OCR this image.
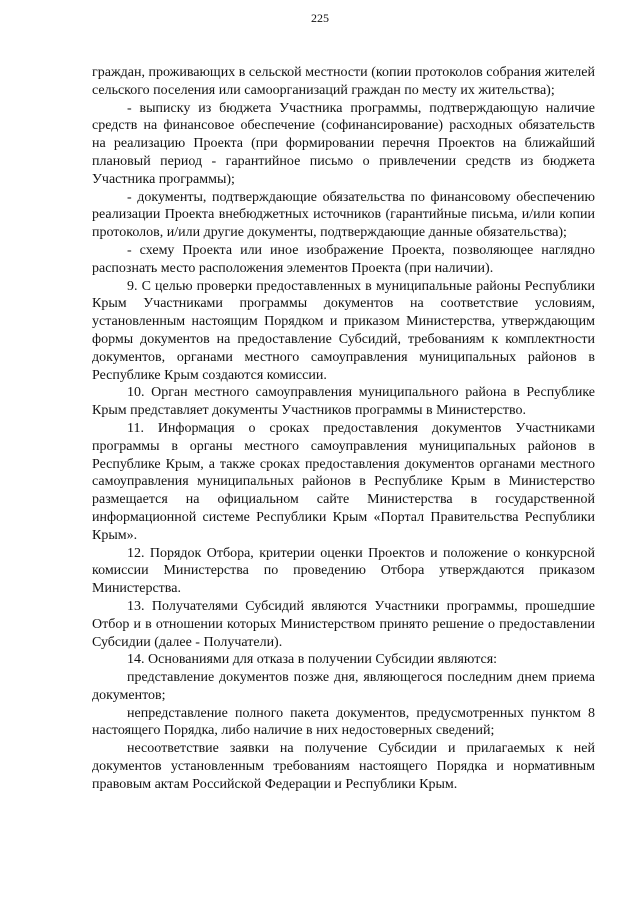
225

граждан, проживающих в сельской местности (копии протоколов собрания жителей сельского поселения или самоорганизаций граждан по месту их жительства);

- выписку из бюджета Участника программы, подтверждающую наличие средств на финансовое обеспечение (софинансирование) расходных обязательств на реализацию Проекта (при формировании перечня Проектов на ближайший плановый период - гарантийное письмо о привлечении средств из бюджета Участника программы);

- документы, подтверждающие обязательства по финансовому обеспечению реализации Проекта внебюджетных источников (гарантийные письма, и/или копии протоколов, и/или другие документы, подтверждающие данные обязательства);

- схему Проекта или иное изображение Проекта, позволяющее наглядно распознать место расположения элементов Проекта (при наличии).

9. С целью проверки предоставленных в муниципальные районы Республики Крым Участниками программы документов на соответствие условиям, установленным настоящим Порядком и приказом Министерства, утверждающим формы документов на предоставление Субсидий, требованиям к комплектности документов, органами местного самоуправления муниципальных районов в Республике Крым создаются комиссии.

10. Орган местного самоуправления муниципального района в Республике Крым представляет документы Участников программы в Министерство.

11. Информация о сроках предоставления документов Участниками программы в органы местного самоуправления муниципальных районов в Республике Крым, а также сроках предоставления документов органами местного самоуправления муниципальных районов в Республике Крым в Министерство размещается на официальном сайте Министерства в государственной информационной системе Республики Крым «Портал Правительства Республики Крым».

12. Порядок Отбора, критерии оценки Проектов и положение о конкурсной комиссии Министерства по проведению Отбора утверждаются приказом Министерства.

13. Получателями Субсидий являются Участники программы, прошедшие Отбор и в отношении которых Министерством принято решение о предоставлении Субсидии (далее - Получатели).

14. Основаниями для отказа в получении Субсидии являются:

представление документов позже дня, являющегося последним днем приема документов;

непредставление полного пакета документов, предусмотренных пунктом 8 настоящего Порядка, либо наличие в них недостоверных сведений;

несоответствие заявки на получение Субсидии и прилагаемых к ней документов установленным требованиям настоящего Порядка и нормативным правовым актам Российской Федерации и Республики Крым.
